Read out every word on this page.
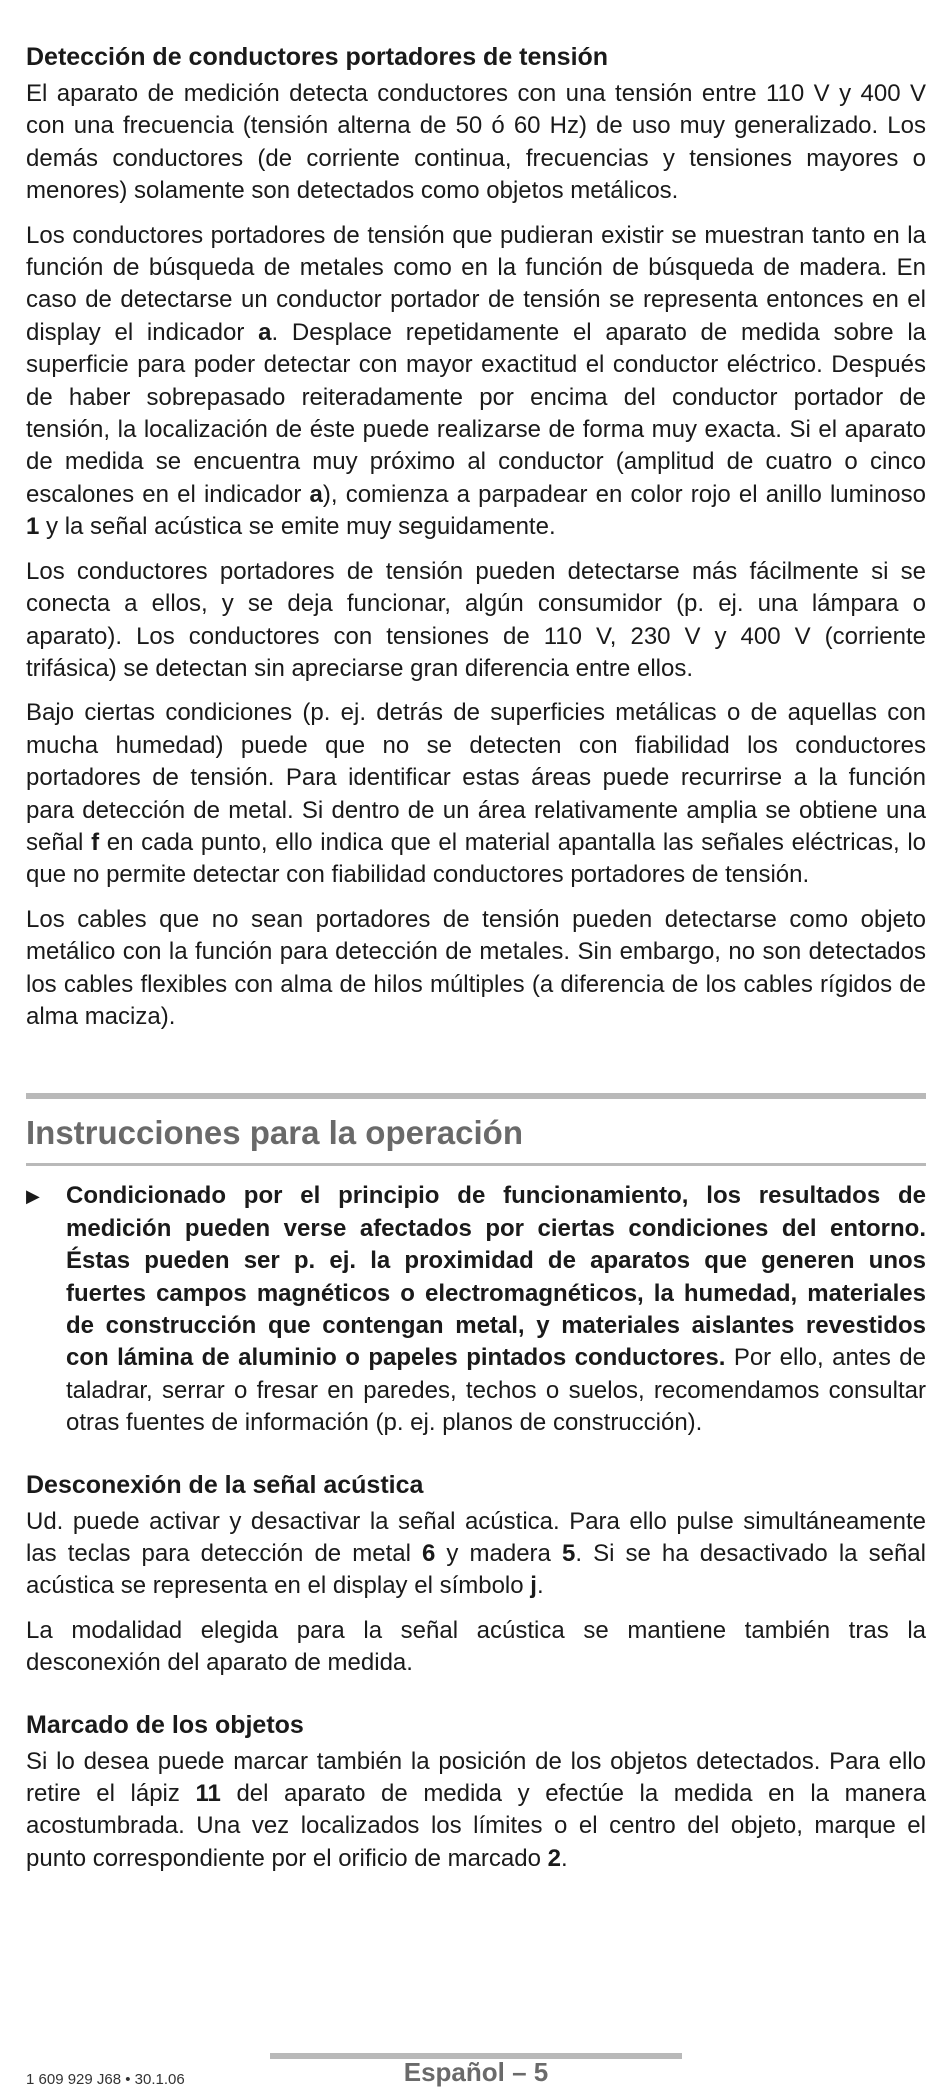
Detección de conductores portadores de tensión

El aparato de medición detecta conductores con una tensión entre 110 V y 400 V con una frecuencia (tensión alterna de 50 ó 60 Hz) de uso muy generalizado. Los demás conductores (de corriente continua, frecuencias y tensiones mayores o menores) solamente son detectados como objetos metálicos.

Los conductores portadores de tensión que pudieran existir se muestran tanto en la función de búsqueda de metales como en la función de búsqueda de madera. En caso de detectarse un conductor portador de tensión se representa entonces en el display el indicador a. Desplace repetidamente el aparato de medida sobre la superficie para poder detectar con mayor exactitud el conductor eléctrico. Después de haber sobrepasado reiteradamente por encima del conductor portador de tensión, la localización de éste puede realizarse de forma muy exacta. Si el aparato de medida se encuentra muy próximo al conductor (amplitud de cuatro o cinco escalones en el indicador a), comienza a parpadear en color rojo el anillo luminoso 1 y la señal acústica se emite muy seguidamente.

Los conductores portadores de tensión pueden detectarse más fácilmente si se conecta a ellos, y se deja funcionar, algún consumidor (p. ej. una lámpara o aparato). Los conductores con tensiones de 110 V, 230 V y 400 V (corriente trifásica) se detectan sin apreciarse gran diferencia entre ellos.

Bajo ciertas condiciones (p. ej. detrás de superficies metálicas o de aquellas con mucha humedad) puede que no se detecten con fiabilidad los conductores portadores de tensión. Para identificar estas áreas puede recurrirse a la función para detección de metal. Si dentro de un área relativamente amplia se obtiene una señal f en cada punto, ello indica que el material apantalla las señales eléctricas, lo que no permite detectar con fiabilidad conductores portadores de tensión.

Los cables que no sean portadores de tensión pueden detectarse como objeto metálico con la función para detección de metales. Sin embargo, no son detectados los cables flexibles con alma de hilos múltiples (a diferencia de los cables rígidos de alma maciza).

Instrucciones para la operación
▶	Condicionado por el principio de funcionamiento, los resultados de medición pueden verse afectados por ciertas condiciones del entorno. Éstas pueden ser p. ej. la proximidad de aparatos que generen unos fuertes campos magnéticos o electromagnéticos, la humedad, materiales de construcción que contengan metal, y materiales aislantes revestidos con lámina de aluminio o papeles pintados conductores. Por ello, antes de taladrar, serrar o fresar en paredes, techos o suelos, recomendamos consultar otras fuentes de información (p. ej. planos de construcción).
Desconexión de la señal acústica

Ud. puede activar y desactivar la señal acústica. Para ello pulse simultáneamente las teclas para detección de metal 6 y madera 5. Si se ha desactivado la señal acústica se representa en el display el símbolo j.

La modalidad elegida para la señal acústica se mantiene también tras la desconexión del aparato de medida.

Marcado de los objetos

Si lo desea puede marcar también la posición de los objetos detectados. Para ello retire el lápiz 11 del aparato de medida y efectúe la medida en la manera acostumbrada. Una vez localizados los límites o el centro del objeto, marque el punto correspondiente por el orificio de marcado 2.

1 609 929 J68 • 30.1.06	Español – 5
